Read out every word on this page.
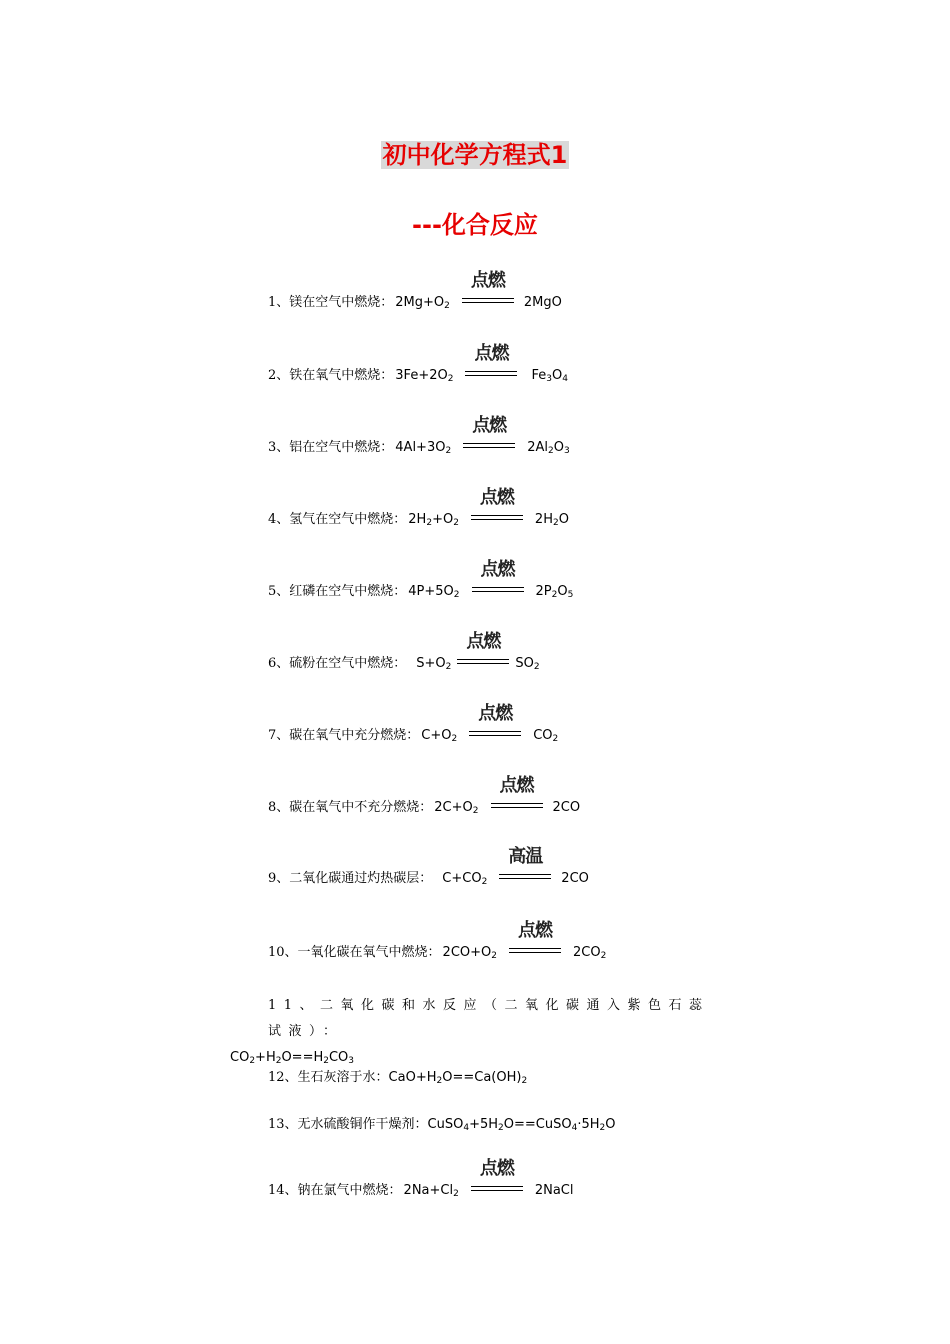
初中化学方程式1
---化合反应
1、镁在空气中燃烧： $2Mg+O_2$
点燃
2MgO
2、铁在氧气中燃烧： $3Fe+2O_2$
点燃
$Fe_3O_4$
3、铝在空气中燃烧： $4Al+3O_2$
点燃
$2Al_2O_3$
4、氢气在空气中燃烧： $2H_2+O_2$
点燃
$2H_2O$
5、红磷在空气中燃烧： $4P+5O_2$
点燃
$2P_2O_5$
6、硫粉在空气中燃烧： $S+O_2$
点燃
$SO_2$
7、碳在氧气中充分燃烧： $C+O_2$
点燃
$CO_2$
8、碳在氧气中不充分燃烧： $2C+O_2$
点燃
2CO
9、二氧化碳通过灼热碳层： $C+CO_2$
高温
2CO
10、一氧化碳在氧气中燃烧： $2CO+O_2$
点燃
$2CO_2$
11、二氧化碳和水反应（二氧化碳通入紫色石蕊试液）：
$CO_2+H_2O==H_2CO_3$
12、生石灰溶于水：$CaO+H_2O==Ca(OH)_2$
13、无水硫酸铜作干燥剂：$CuSO_4+5H_2O==CuSO_4\cdot 5H_2O$
14、钠在氯气中燃烧： $2Na+Cl_2$
点燃
2NaCl
